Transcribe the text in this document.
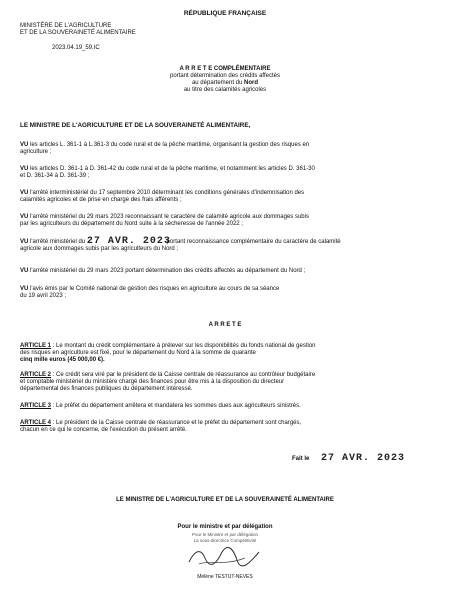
RÉPUBLIQUE FRANÇAISE
MINISTÈRE DE L'AGRICULTURE
ET DE LA SOUVERAINETÉ ALIMENTAIRE
2023.04.19_59.IC
A R R E T E COMPLÉMENTAIRE
portant détermination des crédits affectés
au département du Nord
au titre des calamités agricoles
LE MINISTRE DE L'AGRICULTURE ET DE LA SOUVERAINETÉ ALIMENTAIRE,
VU les articles L. 361-1 à L.361-3 du code rural et de la pêche maritime, organisant la gestion des risques en
agriculture ;
VU les articles D. 361-1 à D. 361-42 du code rural et de la pêche maritime, et notamment les articles D. 361-30
et D. 361-34 à D. 361-39 ;
VU l'arrêté interministériel du 17 septembre 2010 déterminant les conditions générales d'indemnisation des
calamités agricoles et de prise en charge des frais afférents ;
VU l'arrêté ministériel du 29 mars 2023 reconnaissant le caractère de calamité agricole aux dommages subis
par les agriculteurs du département du Nord suite à la sécheresse de l'année 2022 ;
VU l'arrêté ministériel du 27 AVR. 2023 portant reconnaissance complémentaire du caractère de calamité
agricole aux dommages subis par les agriculteurs du Nord ;
VU l'arrêté ministériel du 29 mars 2023 portant détermination des crédits affectés au département du Nord ;
VU l'avis émis par le Comité national de gestion des risques en agriculture au cours de sa séance
du 19 avril 2023 ;
A R R E T E
ARTICLE 1 : Le montant du crédit complémentaire à prélever sur les disponibilités du fonds national de gestion
des risques en agriculture est fixé, pour le département du Nord à la somme de quarante
cinq mille euros (45 000,00 €).
ARTICLE 2 : Ce crédit sera viré par le président de la Caisse centrale de réassurance au contrôleur budgétaire
et comptable ministériel du ministère chargé des finances pour être mis à la disposition du directeur
départemental des finances publiques du département intéressé.
ARTICLE 3 : Le préfet du département arrêtera et mandatera les sommes dues aux agriculteurs sinistrés.
ARTICLE 4 : Le président de la Caisse centrale de réassurance et le préfet du département sont chargés,
chacun en ce qui le concerne, de l'exécution du présent arrêté.
Fait le 27 AVR. 2023
LE MINISTRE DE L'AGRICULTURE ET DE LA SOUVERAINETÉ ALIMENTAIRE
Pour le ministre et par délégation
Pour le Ministre et par délégation
La sous-directrice Compétitivité
Mélène TESTUT-NEVES
